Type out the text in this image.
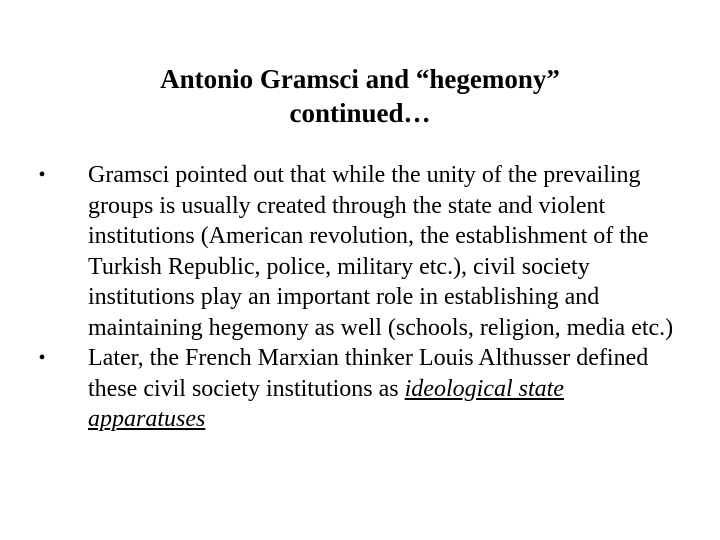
Antonio Gramsci and “hegemony”
continued…
• Gramsci pointed out that while the unity of the prevailing groups is usually created through the state and violent institutions (American revolution, the establishment of the Turkish Republic, police, military etc.), civil society institutions play an important role in establishing and maintaining hegemony as well (schools, religion, media etc.)
• Later, the French Marxian thinker Louis Althusser defined these civil society institutions as ideological state apparatuses
